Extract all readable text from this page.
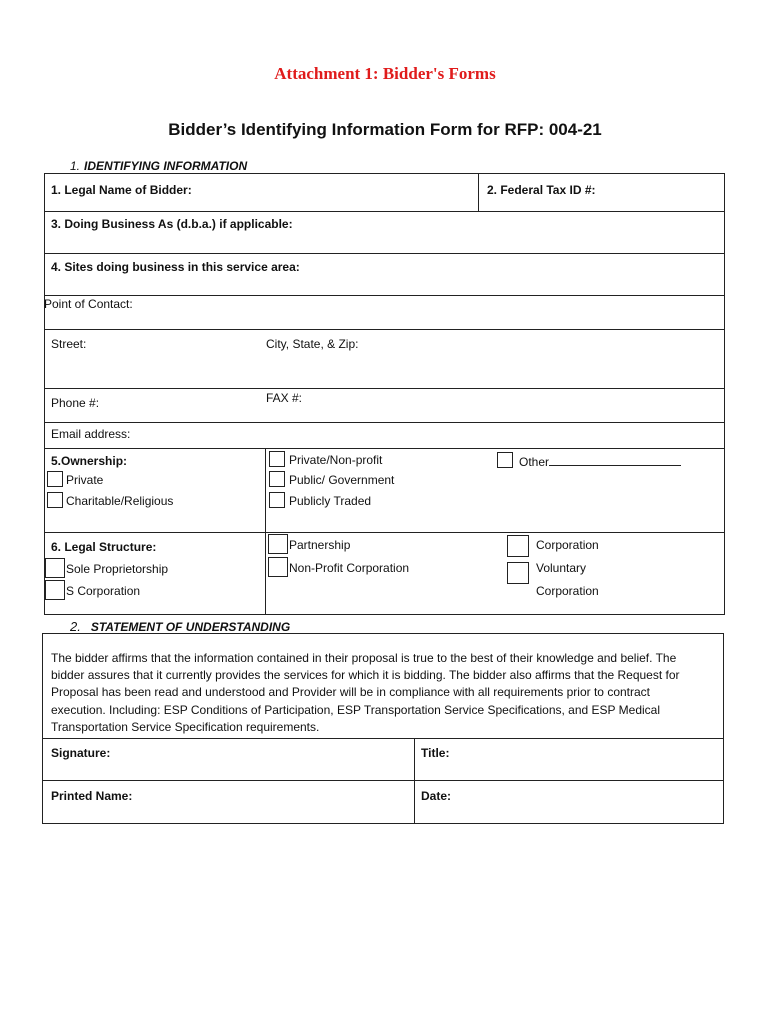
Attachment 1: Bidder's Forms
Bidder’s Identifying Information Form for RFP: 004-21
1. IDENTIFYING INFORMATION
1. Legal Name of Bidder:	2. Federal Tax ID #:
3. Doing Business As (d.b.a.) if applicable:
4. Sites doing business in this service area:
Point of Contact:
Street:	City, State, & Zip:
Phone #:	FAX #:
Email address:
5.Ownership:
Private
Charitable/Religious
Private/Non-profit
Public/ Government
Publicly Traded
Other
6. Legal Structure:
Sole Proprietorship
S Corporation
Partnership
Non-Profit Corporation
Corporation
Voluntary
Corporation
2. STATEMENT OF UNDERSTANDING
The bidder affirms that the information contained in their proposal is true to the best of their knowledge and belief. The bidder assures that it currently provides the services for which it is bidding. The bidder also affirms that the Request for Proposal has been read and understood and Provider will be in compliance with all requirements prior to contract execution. Including: ESP Conditions of Participation, ESP Transportation Service Specifications, and ESP Medical Transportation Service Specification requirements.
Signature:	Title:
Printed Name:	Date:
